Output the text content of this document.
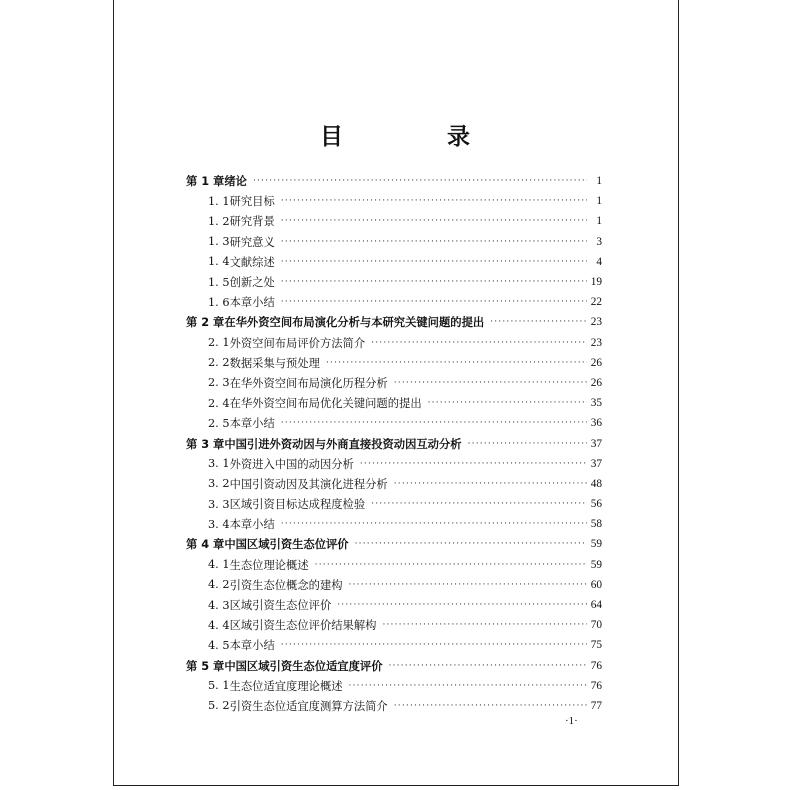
目 录
第 1 章 绪论 ·····	1
1. 1 研究目标 ·····	1
1. 2 研究背景 ·····	1
1. 3 研究意义 ·····	3
1. 4 文献综述 ·····	4
1. 5 创新之处 ·····	19
1. 6 本章小结 ·····	22
第 2 章 在华外资空间布局演化分析与本研究关键问题的提出 ·····	23
2. 1 外资空间布局评价方法简介 ·····	23
2. 2 数据采集与预处理 ·····	26
2. 3 在华外资空间布局演化历程分析 ·····	26
2. 4 在华外资空间布局优化关键问题的提出 ·····	35
2. 5 本章小结 ·····	36
第 3 章 中国引进外资动因与外商直接投资动因互动分析 ·····	37
3. 1 外资进入中国的动因分析 ·····	37
3. 2 中国引资动因及其演化进程分析 ·····	48
3. 3 区域引资目标达成程度检验 ·····	56
3. 4 本章小结 ·····	58
第 4 章 中国区域引资生态位评价 ·····	59
4. 1 生态位理论概述 ·····	59
4. 2 引资生态位概念的建构 ·····	60
4. 3 区域引资生态位评价 ·····	64
4. 4 区域引资生态位评价结果解构 ·····	70
4. 5 本章小结 ·····	75
第 5 章 中国区域引资生态位适宜度评价 ·····	76
5. 1 生态位适宜度理论概述 ·····	76
5. 2 引资生态位适宜度测算方法简介 ·····	77
·1·
